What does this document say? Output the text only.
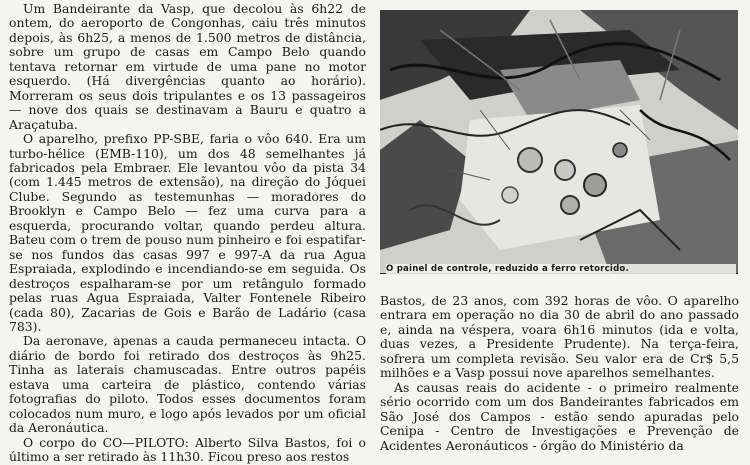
Um Bandeirante da Vasp, que decolou às 6h22 de ontem, do aeroporto de Congonhas, caiu três minutos depois, às 6h25, a menos de 1.500 metros de distância, sobre um grupo de casas em Campo Belo quando tentava retornar em virtude de uma pane no motor esquerdo. (Há divergências quanto ao horário). Morreram os seus dois tripulantes e os 13 passageiros — nove dos quais se destinavam a Bauru e quatro a Araçatuba.

O aparelho, prefixo PP-SBE, faria o vôo 640. Era um turbo-hélice (EMB-110), um dos 48 semelhantes já fabricados pela Embraer. Ele levantou vôo da pista 34 (com 1.445 metros de extensão), na direção do Jóquei Clube. Segundo as testemunhas — moradores do Brooklyn e Campo Belo — fez uma curva para a esquerda, procurando voltar, quando perdeu altura. Bateu com o trem de pouso num pinheiro e foi espatifar-se nos fundos das casas 997 e 997-A da rua Agua Espraiada, explodindo e incendiando-se em seguida. Os destroços espalharam-se por um retângulo formado pelas ruas Agua Espraiada, Valter Fontenele Ribeiro (cada 80), Zacarias de Gois e Barão de Ladário (casa 783).

Da aeronave, apenas a cauda permaneceu intacta. O diário de bordo foi retirado dos destroços às 9h25. Tinha as laterais chamuscadas. Entre outros papéis estava uma carteira de plástico, contendo várias fotografias do piloto. Todos esses documentos foram colocados num muro, e logo após levados por um oficial da Aeronáutica.

O corpo do CO—PILOTO: Alberto Silva Bastos, foi o último a ser retirado às 11h30. Ficou preso aos restos

O painel de controle, reduzido a ferro retorcido.

Bastos, de 23 anos, com 392 horas de vôo. O aparelho entrara em operação no dia 30 de abril do ano passado e, ainda na véspera, voara 6h16 minutos (ida e volta, duas vezes, a Presidente Prudente). Na terça-feira, sofrera um completa revisão. Seu valor era de Cr$ 5,5 milhões e a Vasp possui nove aparelhos semelhantes.

As causas reais do acidente - o primeiro realmente sério ocorrido com um dos Bandeirantes fabricados em São José dos Campos - estão sendo apuradas pelo Cenipa - Centro de Investigações e Prevenção de Acidentes Aeronáuticos - órgão do Ministério da
